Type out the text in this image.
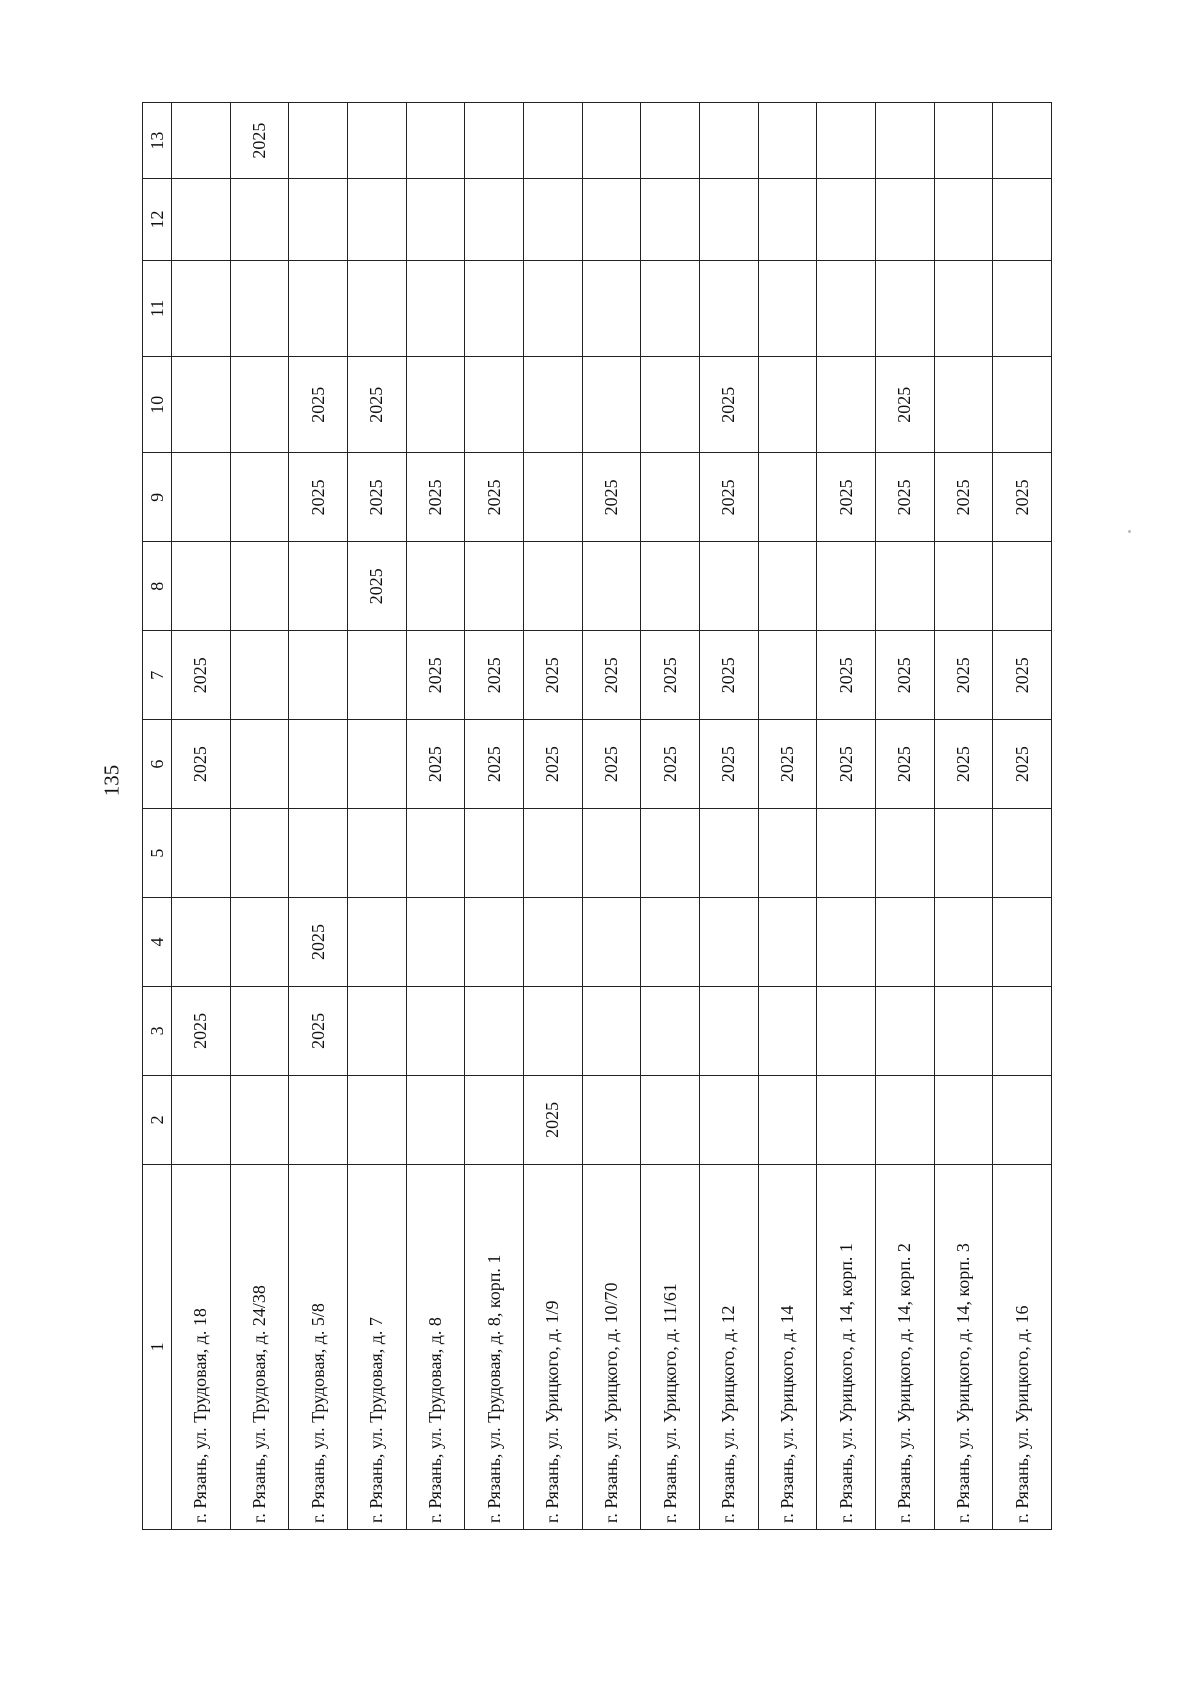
135
1	2	3	4	5	6	7	8	9	10	11	12	13
г. Рязань, ул. Трудовая, д. 18		2025			2025	2025						
г. Рязань, ул. Трудовая, д. 24/38												2025
г. Рязань, ул. Трудовая, д. 5/8		2025	2025					2025	2025			
г. Рязань, ул. Трудовая, д. 7							2025	2025	2025			
г. Рязань, ул. Трудовая, д. 8					2025	2025		2025				
г. Рязань, ул. Трудовая, д. 8, корп. 1					2025	2025		2025				
г. Рязань, ул. Урицкого, д. 1/9	2025				2025	2025						
г. Рязань, ул. Урицкого, д. 10/70					2025	2025		2025				
г. Рязань, ул. Урицкого, д. 11/61					2025	2025						
г. Рязань, ул. Урицкого, д. 12					2025	2025		2025	2025			
г. Рязань, ул. Урицкого, д. 14					2025							
г. Рязань, ул. Урицкого, д. 14, корп. 1					2025	2025		2025				
г. Рязань, ул. Урицкого, д. 14, корп. 2					2025	2025		2025	2025			
г. Рязань, ул. Урицкого, д. 14, корп. 3					2025	2025		2025				
г. Рязань, ул. Урицкого, д. 16					2025	2025		2025				
